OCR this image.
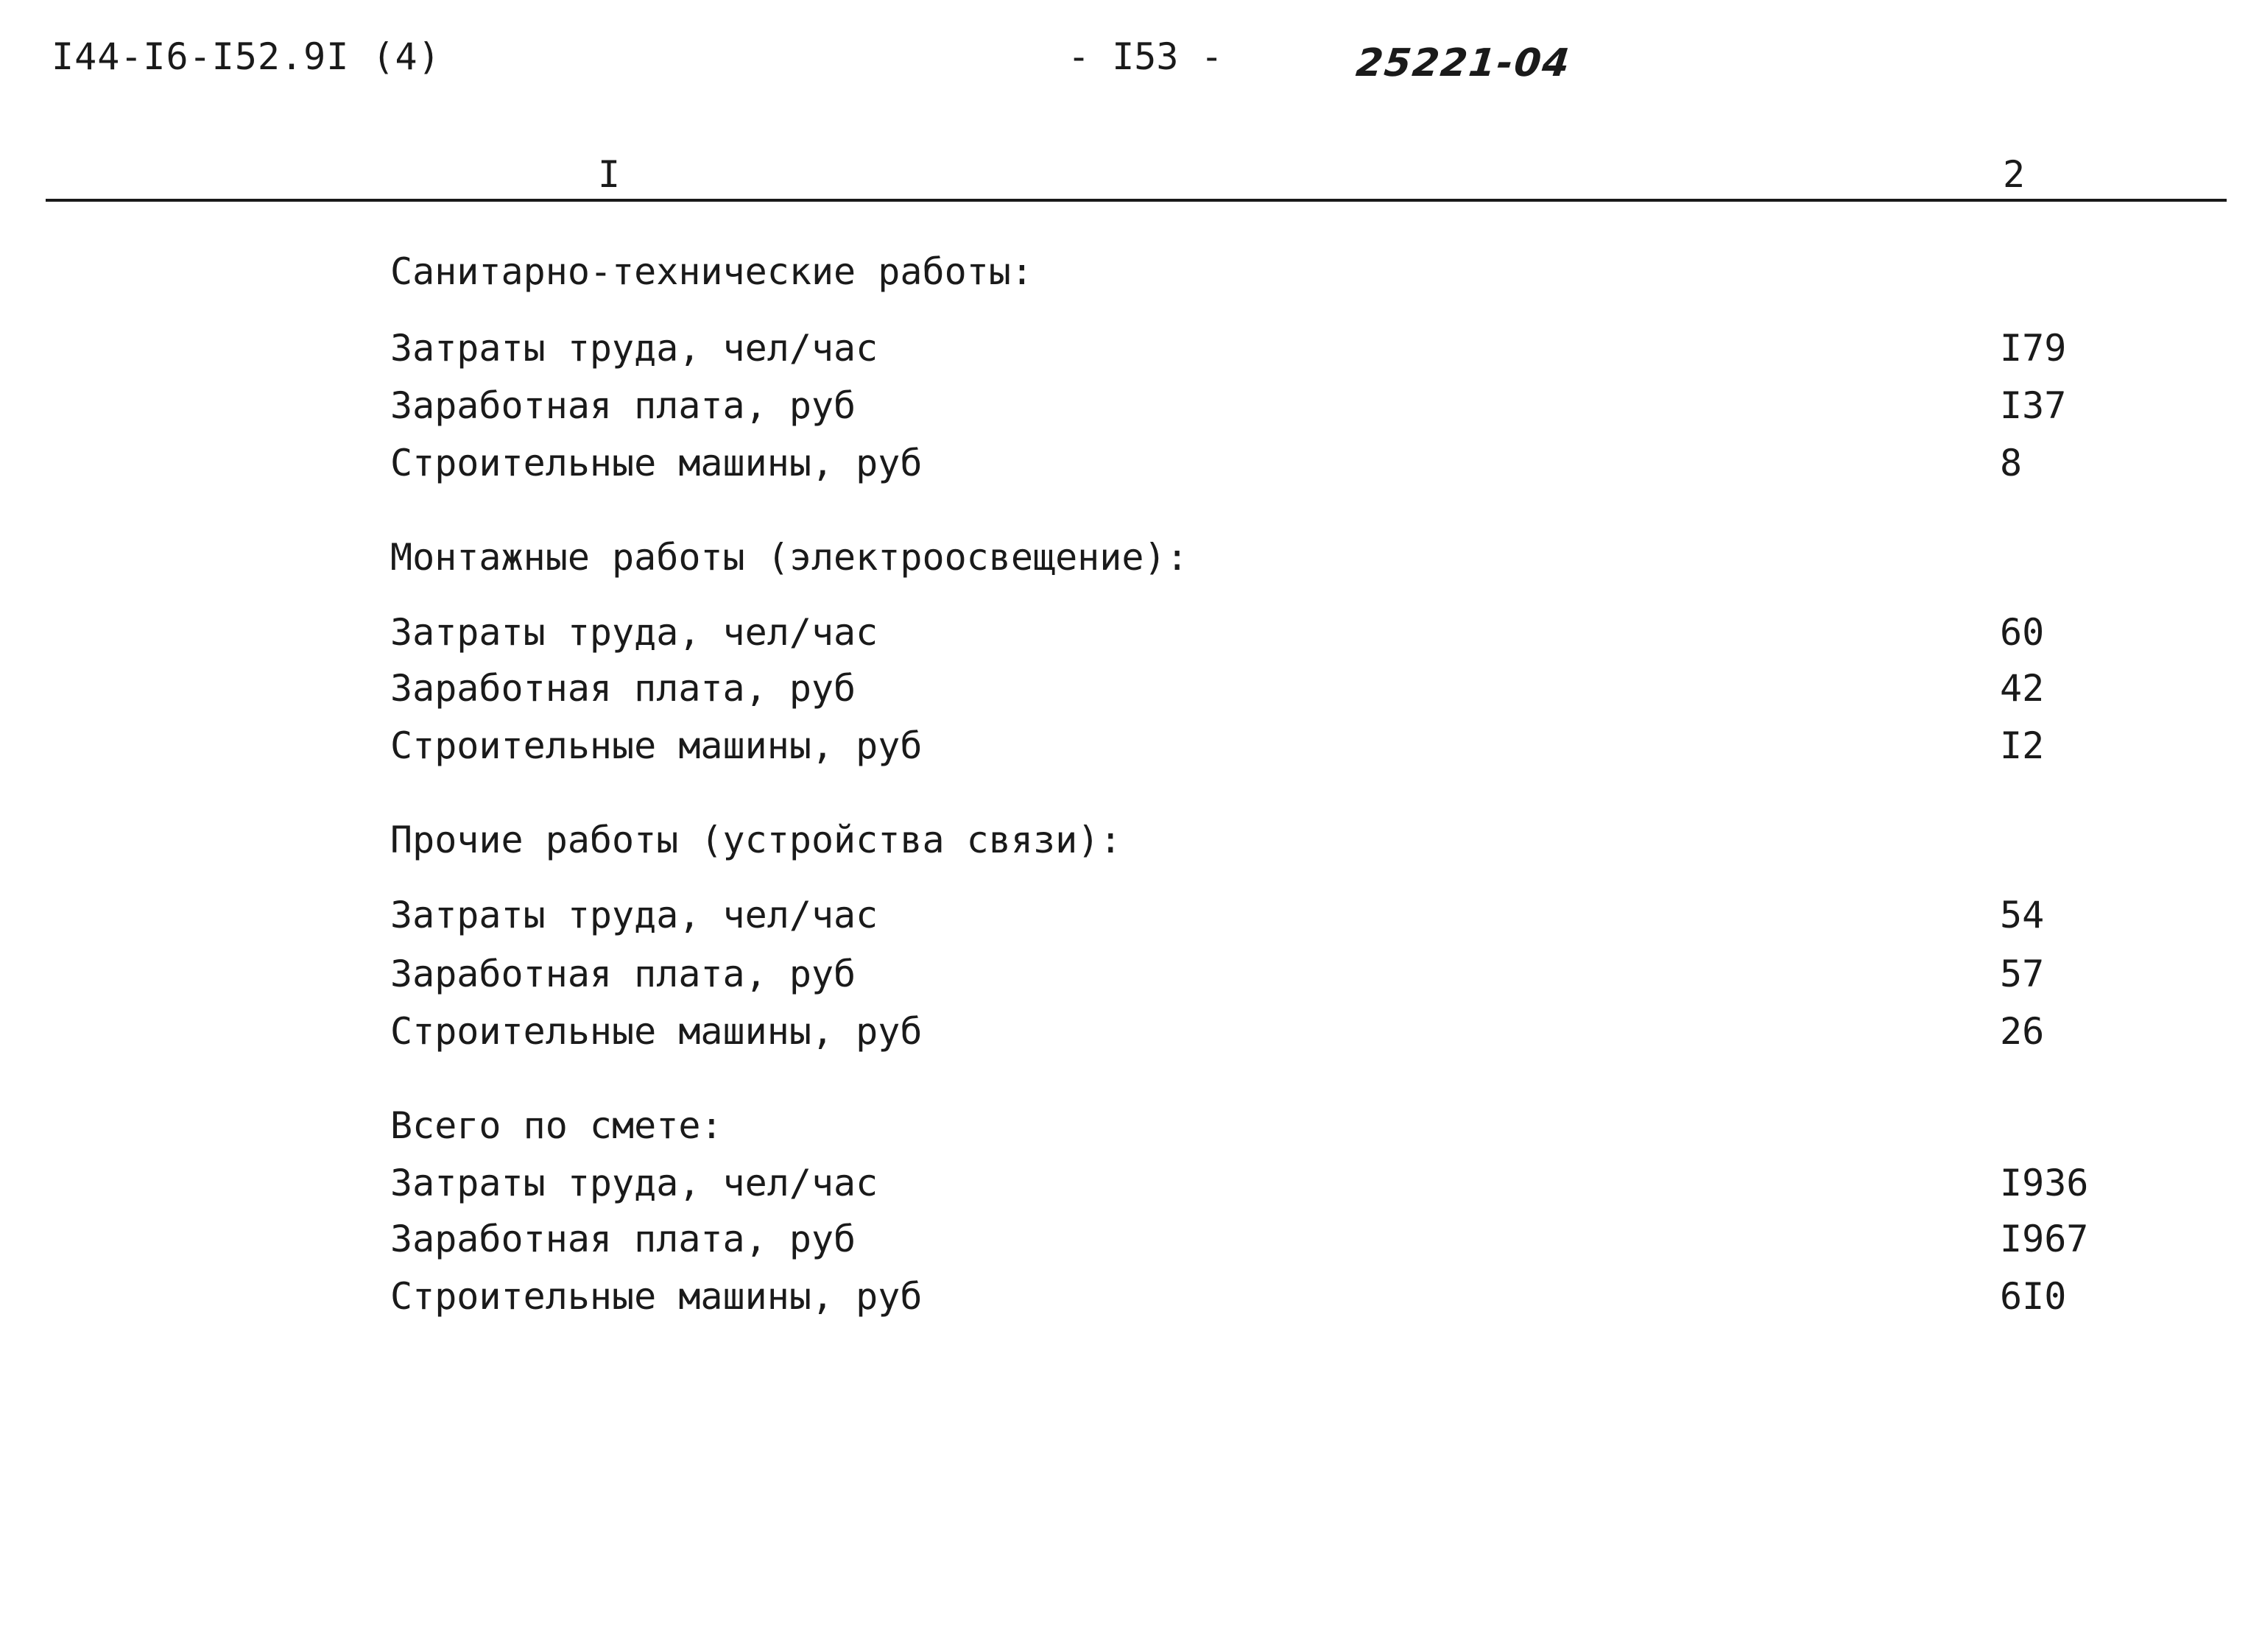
I44-I6-I52.9I (4)	- I53 -	25221-04
I	2
Санитарно-технические работы:
Затраты труда, чел/час	I79
Заработная плата, руб	I37
Строительные машины, руб	8
Монтажные работы (электроосвещение):
Затраты труда, чел/час	60
Заработная плата, руб	42
Строительные машины, руб	I2
Прочие работы (устройства связи):
Затраты труда, чел/час	54
Заработная плата, руб	57
Строительные машины, руб	26
Всего по смете:
Затраты труда, чел/час	I936
Заработная плата, руб	I967
Строительные машины, руб	6I0
